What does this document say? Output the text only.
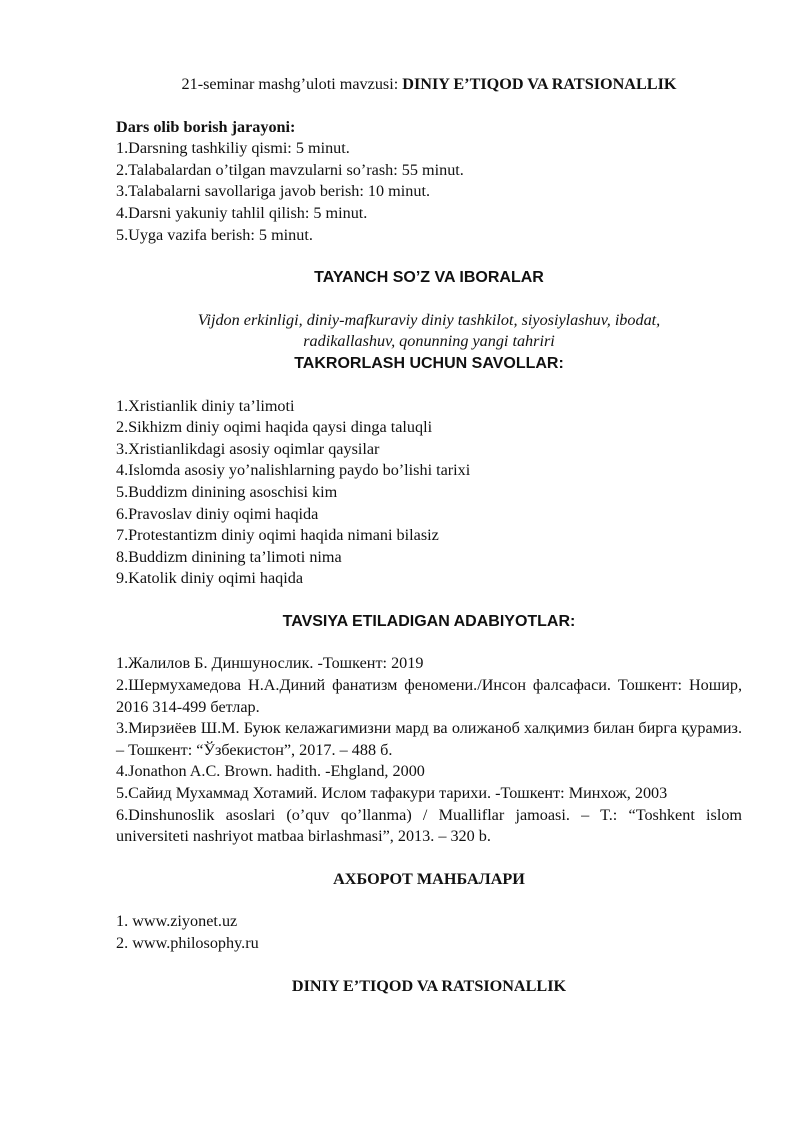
21-seminar mashg’uloti mavzusi: DINIY E’TIQOD VA RATSIONALLIK
Dars olib borish jarayoni:
1.Darsning tashkiliy qismi: 5 minut.
2.Talabalardan o’tilgan mavzularni so’rash: 55 minut.
3.Talabalarni savollariga javob berish: 10 minut.
4.Darsni yakuniy tahlil qilish: 5 minut.
5.Uyga vazifa berish: 5 minut.
TAYANCH SO’Z VA IBORALAR
Vijdon erkinligi, diniy-mafkuraviy diniy tashkilot, siyosiylashuv, ibodat,
radikallashuv, qonunning yangi tahriri
TAKRORLASH UCHUN SAVOLLAR:
1.Xristianlik diniy ta’limoti
2.Sikhizm diniy oqimi haqida qaysi dinga taluqli
3.Xristianlikdagi asosiy oqimlar qaysilar
4.Islomda asosiy yo’nalishlarning paydo bo’lishi tarixi
5.Buddizm dinining asoschisi kim
6.Pravoslav diniy oqimi haqida
7.Protestantizm diniy oqimi haqida nimani bilasiz
8.Buddizm dinining ta’limoti nima
9.Katolik diniy oqimi haqida
TAVSIYA ETILADIGAN ADABIYOTLAR:
1.Жалилов Б. Диншунослик. -Тошкент: 2019
2.Шермухамедова Н.А.Диний фанатизм феномени./Инсон фалсафаси. Тошкент: Ношир, 2016 314-499 бетлар.
3.Мирзиёев Ш.М. Буюк келажагимизни мард ва олижаноб халқимиз билан бирга қурамиз. – Тошкент: “Ўзбекистон”, 2017. – 488 б.
4.Jonathon A.C. Brown. hadith. -Ehgland, 2000
5.Сайид Мухаммад Хотамий. Ислом тафакури тарихи. -Тошкент: Минхож, 2003
6.Dinshunoslik asoslari (o’quv qo’llanma) / Mualliflar jamoasi. – T.: “Toshkent islom universiteti nashriyot matbaa birlashmasi”, 2013. – 320 b.
АХБОРОТ МАНБАЛАРИ
1. www.ziyonet.uz
2. www.philosophy.ru
DINIY E’TIQOD VA RATSIONALLIK
